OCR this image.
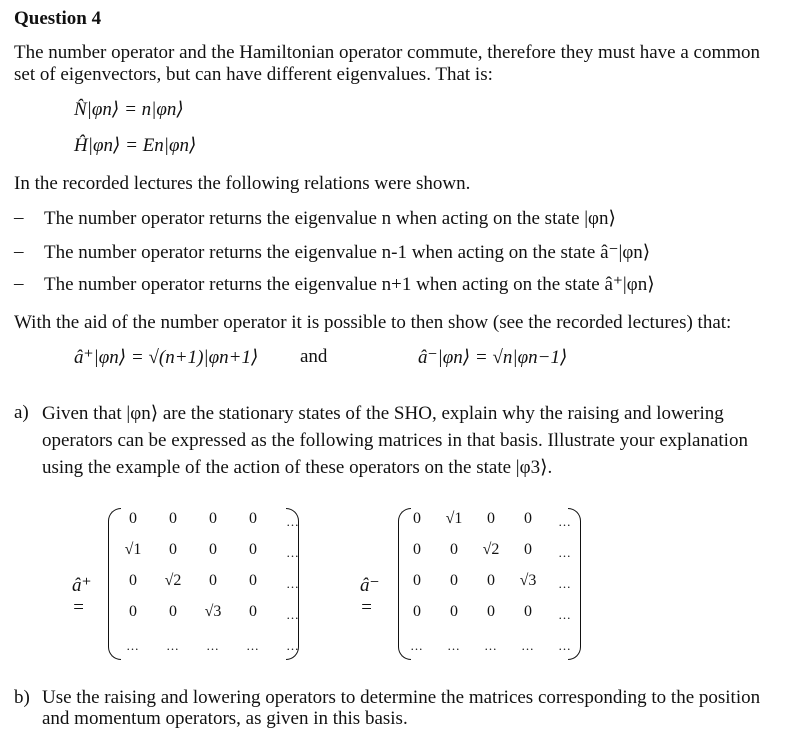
Question 4
The number operator and the Hamiltonian operator commute, therefore they must have a common
set of eigenvectors, but can have different eigenvalues. That is:
N̂|φn⟩ = n|φn⟩
Ĥ|φn⟩ = En|φn⟩
In the recorded lectures the following relations were shown.
– The number operator returns the eigenvalue n when acting on the state |φn⟩
– The number operator returns the eigenvalue n-1 when acting on the state â⁻|φn⟩
– The number operator returns the eigenvalue n+1 when acting on the state â⁺|φn⟩
With the aid of the number operator it is possible to then show (see the recorded lectures) that:
â⁺|φn⟩ = √(n+1)|φn+1⟩ and	â⁻|φn⟩ = √n|φn−1⟩
a) Given that |φn⟩ are the stationary states of the SHO, explain why the raising and lowering
operators can be expressed as the following matrices in that basis. Illustrate your explanation
using the example of the action of these operators on the state |φ3⟩.
â⁺ =
0	0	0	0	...
√1	0	0	0	...
0	√2	0	0	...
0	0	√3	0	...
...	...	...	...	...
â⁻ =
0	√1	0	0	...
0	0	√2	0	...
0	0	0	√3	...
0	0	0	0	...
...	...	...	...	...
b) Use the raising and lowering operators to determine the matrices corresponding to the position
and momentum operators, as given in this basis.
